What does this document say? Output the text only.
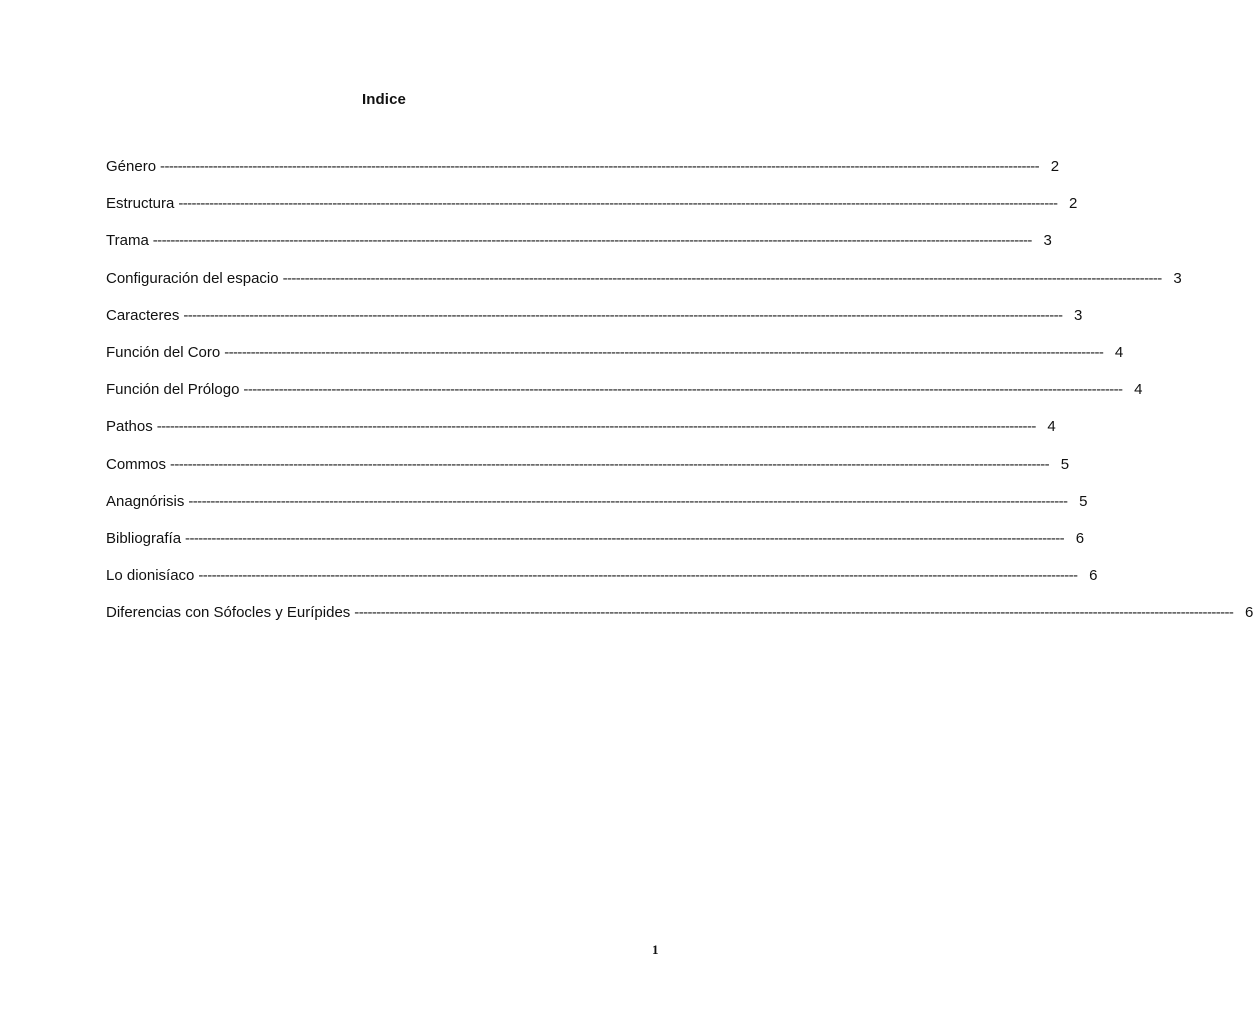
Indice
Género -------------------------------------------------------------------------------------------------------------------------------------------------------------------------------------------------------- 2
Estructura -------------------------------------------------------------------------------------------------------------------------------------------------------------------------------------------------------- 2
Trama -------------------------------------------------------------------------------------------------------------------------------------------------------------------------------------------------------- 3
Configuración del espacio -------------------------------------------------------------------------------------------------------------------------------------------------------------------------------------------------------- 3
Caracteres -------------------------------------------------------------------------------------------------------------------------------------------------------------------------------------------------------- 3
Función del Coro -------------------------------------------------------------------------------------------------------------------------------------------------------------------------------------------------------- 4
Función del Prólogo -------------------------------------------------------------------------------------------------------------------------------------------------------------------------------------------------------- 4
Pathos -------------------------------------------------------------------------------------------------------------------------------------------------------------------------------------------------------- 4
Commos -------------------------------------------------------------------------------------------------------------------------------------------------------------------------------------------------------- 5
Anagnórisis -------------------------------------------------------------------------------------------------------------------------------------------------------------------------------------------------------- 5
Bibliografía -------------------------------------------------------------------------------------------------------------------------------------------------------------------------------------------------------- 6
Lo dionisíaco -------------------------------------------------------------------------------------------------------------------------------------------------------------------------------------------------------- 6
Diferencias con Sófocles y Eurípides -------------------------------------------------------------------------------------------------------------------------------------------------------------------------------------------------------- 6
1
